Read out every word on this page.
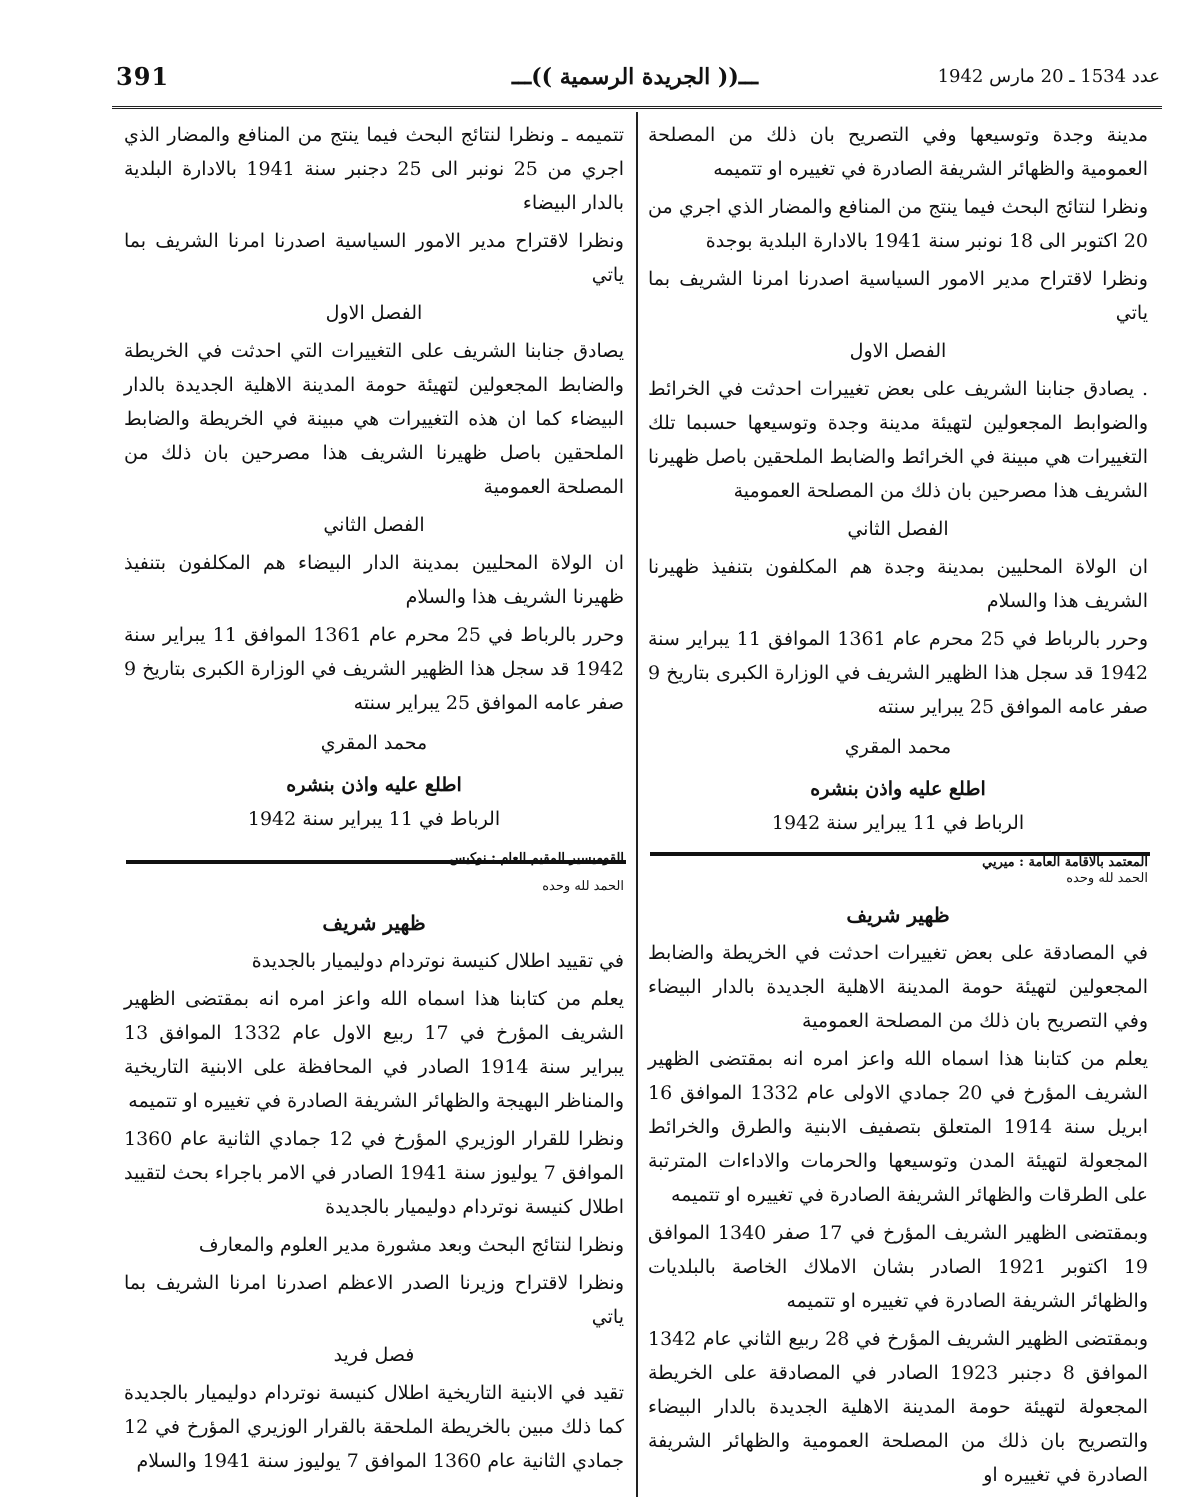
391	ـــ(( الجريدة الرسمية ))ـــ	عدد 1534 ـ 20 مارس 1942

مدينة وجدة وتوسيعها وفي التصريح بان ذلك من المصلحة العمومية والظهائر الشريفة الصادرة في تغييره او تتميمه

ونظرا لنتائج البحث فيما ينتج من المنافع والمضار الذي اجري من 20 اكتوبر الى 18 نونبر سنة 1941 بالادارة البلدية بوجدة

ونظرا لاقتراح مدير الامور السياسية اصدرنا امرنا الشريف بما ياتي

الفصل الاول

. يصادق جنابنا الشريف على بعض تغييرات احدثت في الخرائط والضوابط المجعولين لتهيئة مدينة وجدة وتوسيعها حسبما تلك التغييرات هي مبينة في الخرائط والضابط الملحقين باصل ظهيرنا الشريف هذا مصرحين بان ذلك من المصلحة العمومية

الفصل الثاني

ان الولاة المحليين بمدينة وجدة هم المكلفون بتنفيذ ظهيرنا الشريف هذا والسلام

وحرر بالرباط في 25 محرم عام 1361 الموافق 11 يبراير سنة 1942 قد سجل هذا الظهير الشريف في الوزارة الكبرى بتاريخ 9 صفر عامه الموافق 25 يبراير سنته

محمد المقري

اطلع عليه واذن بنشره

الرباط في 11 يبراير سنة 1942

المعتمد بالاقامة العامة : ميريي

تتميمه ـ ونظرا لنتائج البحث فيما ينتج من المنافع والمضار الذي اجري من 25 نونبر الى 25 دجنبر سنة 1941 بالادارة البلدية بالدار البيضاء

ونظرا لاقتراح مدير الامور السياسية اصدرنا امرنا الشريف بما ياتي

الفصل الاول

يصادق جنابنا الشريف على التغييرات التي احدثت في الخريطة والضابط المجعولين لتهيئة حومة المدينة الاهلية الجديدة بالدار البيضاء كما ان هذه التغييرات هي مبينة في الخريطة والضابط الملحقين باصل ظهيرنا الشريف هذا مصرحين بان ذلك من المصلحة العمومية

الفصل الثاني

ان الولاة المحليين بمدينة الدار البيضاء هم المكلفون بتنفيذ ظهيرنا الشريف هذا والسلام

وحرر بالرباط في 25 محرم عام 1361 الموافق 11 يبراير سنة 1942 قد سجل هذا الظهير الشريف في الوزارة الكبرى بتاريخ 9 صفر عامه الموافق 25 يبراير سنته

محمد المقري

اطلع عليه واذن بنشره

الرباط في 11 يبراير سنة 1942

القوميسير المقيم العام : نوكيس

الحمد لله وحده

ظهير شريف

في المصادقة على بعض تغييرات احدثت في الخريطة والضابط المجعولين لتهيئة حومة المدينة الاهلية الجديدة بالدار البيضاء وفي التصريح بان ذلك من المصلحة العمومية

يعلم من كتابنا هذا اسماه الله واعز امره انه بمقتضى الظهير الشريف المؤرخ في 20 جمادي الاولى عام 1332 الموافق 16 ابريل سنة 1914 المتعلق بتصفيف الابنية والطرق والخرائط المجعولة لتهيئة المدن وتوسيعها والحرمات والاداءات المترتبة على الطرقات والظهائر الشريفة الصادرة في تغييره او تتميمه

وبمقتضى الظهير الشريف المؤرخ في 17 صفر 1340 الموافق 19 اكتوبر 1921 الصادر بشان الاملاك الخاصة بالبلديات والظهائر الشريفة الصادرة في تغييره او تتميمه

وبمقتضى الظهير الشريف المؤرخ في 28 ربيع الثاني عام 1342 الموافق 8 دجنبر 1923 الصادر في المصادقة على الخريطة المجعولة لتهيئة حومة المدينة الاهلية الجديدة بالدار البيضاء والتصريح بان ذلك من المصلحة العمومية والظهائر الشريفة الصادرة في تغييره او

الحمد لله وحده

ظهير شريف

في تقييد اطلال كنيسة نوتردام دوليميار بالجديدة

يعلم من كتابنا هذا اسماه الله واعز امره انه بمقتضى الظهير الشريف المؤرخ في 17 ربيع الاول عام 1332 الموافق 13 يبراير سنة 1914 الصادر في المحافظة على الابنية التاريخية والمناظر البهيجة والظهائر الشريفة الصادرة في تغييره او تتميمه

ونظرا للقرار الوزيري المؤرخ في 12 جمادي الثانية عام 1360 الموافق 7 يوليوز سنة 1941 الصادر في الامر باجراء بحث لتقييد اطلال كنيسة نوتردام دوليميار بالجديدة

ونظرا لنتائج البحث وبعد مشورة مدير العلوم والمعارف

ونظرا لاقتراح وزيرنا الصدر الاعظم اصدرنا امرنا الشريف بما ياتي

فصل فريد

تقيد في الابنية التاريخية اطلال كنيسة نوتردام دوليميار بالجديدة كما ذلك مبين بالخريطة الملحقة بالقرار الوزيري المؤرخ في 12 جمادي الثانية عام 1360 الموافق 7 يوليوز سنة 1941 والسلام
